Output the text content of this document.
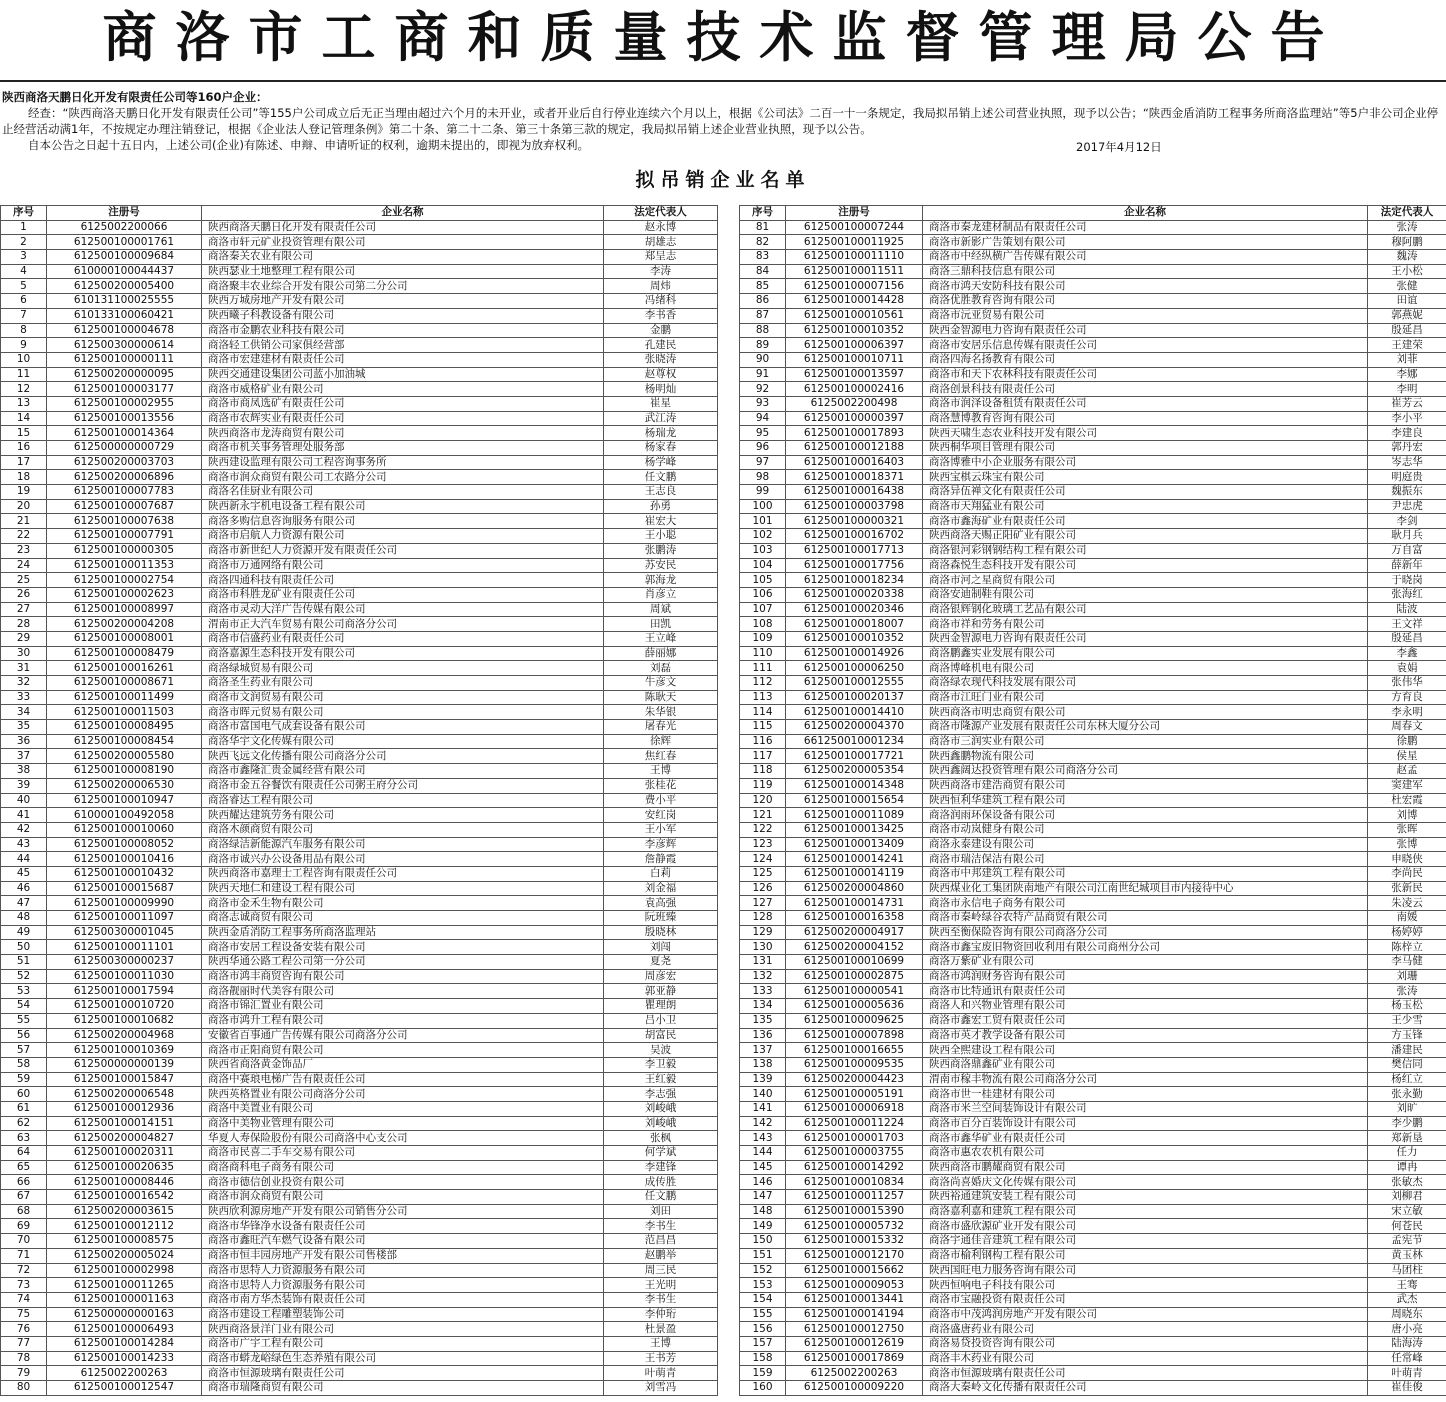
商洛市工商和质量技术监督管理局公告
陕西商洛天鹏日化开发有限责任公司等160户企业：
经查：“陕西商洛天鹏日化开发有限责任公司”等155户公司成立后无正当理由超过六个月的未开业，或者开业后自行停业连续六个月以上，根据《公司法》二百一十一条规定，我局拟吊销上述公司营业执照，现予以公告；“陕西金盾消防工程事务所商洛监理站”等5户非公司企业停止经营活动满1年，不按规定办理注销登记，根据《企业法人登记管理条例》第二十条、第二十二条、第三十条第三款的规定，我局拟吊销上述企业营业执照，现予以公告。
自本公告之日起十五日内，上述公司(企业)有陈述、申辩、申请听证的权利，逾期未提出的，即视为放弃权利。	2017年4月12日
拟吊销企业名单
序号	注册号	企业名称	法定代表人
1	6125002200066	陕西商洛天鹏日化开发有限责任公司	赵永博
2	612500100001761	商洛市轩元矿业投资管理有限公司	胡雄志
3	612500100009684	商洛秦关农业有限公司	郑呈志
4	610000100044437	陕西瑟业土地整理工程有限公司	李涛
5	612500200005400	商洛聚丰农业综合开发有限公司第二分公司	周炜
6	610131100025555	陕西万城房地产开发有限公司	冯绪科
7	610133100060421	陕西曦子科教设备有限公司	李书香
8	612500100004678	商洛市金鹏农业科技有限公司	金鹏
9	612500300000614	商洛轻工供销公司家俱经营部	孔建民
10	612500100000111	商洛市宏建建材有限责任公司	张晓涛
11	612500200000095	陕西交通建设集团公司蓝小加油城	赵尊权
12	612500100003177	商洛市威格矿业有限公司	杨明灿
13	612500100002955	商洛市商凤选矿有限责任公司	崔星
14	612500100013556	商洛市农辉实业有限责任公司	武江涛
15	612500100014364	陕西商洛市龙涛商贸有限公司	杨瑞龙
16	612500000000729	商洛市机关事务管理处服务部	杨家春
17	612500200003703	陕西建设监理有限公司工程咨询事务所	杨学峰
18	612500200006896	商洛市润众商贸有限公司工农路分公司	任文鹏
19	612500100007783	商洛名佳厨业有限公司	王志良
20	612500100007687	陕西新永宇机电设备工程有限公司	孙勇
21	612500100007638	商洛多购信息咨询服务有限公司	崔宏大
22	612500100007791	商洛市启航人力资源有限公司	王小聪
23	612500100000305	商洛市新世纪人力资源开发有限责任公司	张鹏涛
24	612500100011353	商洛市万通网络有限公司	苏安民
25	612500100002754	商洛四通科技有限责任公司	郭海龙
26	612500100002623	商洛市科胜龙矿业有限责任公司	肖彦立
27	612500100008997	商洛市灵动大洋广告传媒有限公司	周斌
28	612500200004208	渭南市正大汽车贸易有限公司商洛分公司	田凯
29	612500100008001	商洛市信盛药业有限责任公司	王立峰
30	612500100008479	商洛嘉源生态科技开发有限公司	薛丽娜
31	612500100016261	商洛绿城贸易有限公司	刘磊
32	612500100008671	商洛圣生药业有限公司	牛彦文
33	612500100011499	商洛市文润贸易有限公司	陈耿天
34	612500100011503	商洛市晖元贸易有限公司	朱华银
35	612500100008495	商洛市富国电气成套设备有限公司	屠春光
36	612500100008454	商洛华宇文化传媒有限公司	徐辉
37	612500200005580	陕西飞远文化传播有限公司商洛分公司	焦红春
38	612500100008190	商洛市鑫隆汇贵金属经营有限公司	王博
39	612500200006530	商洛市金五谷餐饮有限责任公司粥王府分公司	张桂花
40	612500100010947	商洛睿达工程有限公司	费小平
41	610000100492058	陕西耀达建筑劳务有限公司	安红岗
42	612500100010060	商洛木颜商贸有限公司	王小军
43	612500100008052	商洛绿洁新能源汽车服务有限公司	李彦辉
44	612500100010416	商洛市诚兴办公设备用品有限公司	詹静霞
45	612500100010432	陕西商洛市嘉理士工程咨询有限责任公司	白莉
46	612500100015687	陕西天地仁和建设工程有限公司	刘金福
47	612500100009990	商洛市金禾生物有限公司	袁高强
48	612500100011097	商洛志诚商贸有限公司	阮班臻
49	612500300001045	陕西金盾消防工程事务所商洛监理站	殷晓林
50	612500100011101	商洛市安居工程设备安装有限公司	刘闯
51	612500300000237	陕西华通公路工程公司第一分公司	夏尧
52	612500100011030	商洛市鸿丰商贸咨询有限公司	周彦宏
53	612500100017594	商洛靓丽时代美容有限公司	郭亚静
54	612500100010720	商洛市锦汇置业有限公司	瞿理朗
55	612500100010682	商洛市鸿升工程有限公司	吕小卫
56	612500200004968	安徽省百事通广告传媒有限公司商洛分公司	胡富民
57	612500100010369	商洛市正阳商贸有限公司	吴波
58	612500000000139	陕西省商洛黄金饰品厂	李卫毅
59	612500100015847	商洛中赛琅电梯广告有限责任公司	王红毅
60	612500200006548	陕西英格置业有限公司商洛分公司	李志强
61	612500100012936	商洛中美置业有限公司	刘峻峨
62	612500100014151	商洛中美物业管理有限公司	刘峻峨
63	612500200004827	华夏人寿保险股份有限公司商洛中心支公司	张枫
64	612500100020311	商洛市民喜二手车交易有限公司	何学斌
65	612500100020635	商洛商科电子商务有限公司	李建锋
66	612500100008446	商洛市德信创业投资有限公司	成传胜
67	612500100016542	商洛市润众商贸有限公司	任文鹏
68	612500200003615	陕西欣利源房地产开发有限公司销售分公司	刘田
69	612500100012112	商洛市华锋净水设备有限责任公司	李书生
70	612500100008575	商洛市鑫旺汽车燃气设备有限公司	范昌昌
71	612500200005024	商洛市恒丰园房地产开发有限公司售楼部	赵鹏举
72	612500100002998	商洛市思特人力资源服务有限公司	周三民
73	612500100011265	商洛市思特人力资源服务有限公司	王光明
74	612500100001163	商洛市南方华杰装饰有限责任公司	李书生
75	612500000000163	商洛市建设工程雕塑装饰公司	李仲珩
76	612500100006493	陕西商洛景洋门业有限公司	杜景盈
77	612500100014284	商洛市广宇工程有限公司	王博
78	612500100014233	商洛市蟒龙峪绿色生态养殖有限公司	王书芳
79	6125002200263	商洛市恒源玻璃有限责任公司	叶萌青
80	612500100012547	商洛市瑞隆商贸有限公司	刘雪冯
序号	注册号	企业名称	法定代表人
81	612500100007244	商洛市秦龙建材制品有限责任公司	张涛
82	612500100011925	商洛市新影广告策划有限公司	穆阿鹏
83	612500100011110	商洛市中经纵横广告传媒有限公司	魏涛
84	612500100011511	商洛三鼎科技信息有限公司	王小松
85	612500100007156	商洛市鸿天安防科技有限公司	张健
86	612500100014428	商洛优胜教育咨询有限公司	田谊
87	612500100010561	商洛市沅亚贸易有限公司	郭燕妮
88	612500100010352	陕西金智源电力咨询有限责任公司	殷延昌
89	612500100006397	商洛市安居乐信息传媒有限责任公司	王建荣
90	612500100010711	商洛四海名扬教育有限公司	刘菲
91	612500100013597	商洛市和天下农林科技有限责任公司	李娜
92	612500100002416	商洛创景科技有限责任公司	李明
93	6125002200498	商洛市润泽设备租赁有限责任公司	崔芳云
94	612500100000397	商洛慧博教育咨询有限公司	李小平
95	612500100017893	陕西天啸生态农业科技开发有限公司	李建良
96	612500100012188	陕西桐华项目管理有限公司	郭丹宏
97	612500100016403	商洛博雅中小企业服务有限公司	岑志华
98	612500100018371	陕西宝棋云珠宝有限公司	明庭贵
99	612500100016438	商洛异伍禅文化有限责任公司	魏振东
100	612500100003798	商洛市天翔猛业有限公司	尹忠虎
101	612500100000321	商洛市鑫海矿业有限责任公司	李剑
102	612500100016702	陕西商洛天赐正阳矿业有限公司	耿月兵
103	612500100017713	商洛银河彩钢钢结构工程有限公司	万自富
104	612500100017756	商洛森悦生态科技开发有限公司	薛新年
105	612500100018234	商洛市河之星商贸有限公司	于晓岗
106	612500100020338	商洛安迪制鞋有限公司	张海红
107	612500100020346	商洛银辉钢化玻璃工艺品有限公司	陆波
108	612500100018007	商洛市祥和劳务有限公司	王文祥
109	612500100010352	陕西金智源电力咨询有限责任公司	殷延昌
110	612500100014926	商洛鹏鑫实业发展有限公司	李鑫
111	612500100006250	商洛博峰机电有限公司	袁娟
112	612500100012555	商洛绿农现代科技发展有限公司	张伟华
113	612500100020137	商洛市江旺门业有限公司	方育良
114	612500100014410	陕西商洛市明忠商贸有限公司	李永明
115	612500200004370	商洛市隆源产业发展有限责任公司东林大厦分公司	周春文
116	661250010001234	商洛市三润实业有限公司	徐鹏
117	612500100017721	陕西鑫鹏物流有限公司	侯星
118	612500200005354	陕西鑫阔达投资管理有限公司商洛分公司	赵孟
119	612500100014348	陕西商洛市建浩商贸有限公司	窦建军
120	612500100015654	陕西恒利华建筑工程有限公司	杜宏霞
121	612500100011089	商洛润雨环保设备有限公司	刘博
122	612500100013425	商洛市动岚健身有限公司	张晖
123	612500100013409	商洛永泰建设有限公司	张博
124	612500100014241	商洛市瑞洁保洁有限公司	申晓侠
125	612500100014119	商洛市中邦建筑工程有限公司	李尚民
126	612500200004860	陕西煤业化工集团陕南地产有限公司江南世纪城项目市内接待中心	张新民
127	612500100014731	商洛市永信电子商务有限公司	朱凌云
128	612500100016358	商洛市秦岭绿谷农特产品商贸有限公司	南媛
129	612500200004917	陕西至衡保险咨询有限公司商洛分公司	杨婷婷
130	612500200004152	商洛市鑫宝废旧物资回收利用有限公司商州分公司	陈梓立
131	612500100010699	商洛万紫矿业有限公司	李马健
132	612500100002875	商洛市鸿润财务咨询有限公司	刘珊
133	612500100000541	商洛市比特通讯有限责任公司	张涛
134	612500100005636	商洛人和兴物业管理有限公司	杨玉松
135	612500100009625	商洛市鑫宏工贸有限责任公司	王少雪
136	612500100007898	商洛市英才教学设备有限公司	方玉锋
137	612500100016655	陕西全熙建设工程有限公司	潘建民
138	612500100009535	陕西商洛鼎鑫矿业有限公司	樊信同
139	612500200004423	渭南市稼丰物流有限公司商洛分公司	杨红立
140	612500100005191	商洛市世一桂建材有限公司	张永勤
141	612500100006918	商洛市米兰空间装饰设计有限公司	刘旷
142	612500100011224	商洛市百分百装饰设计有限公司	李少鹏
143	612500100001703	商洛市鑫华矿业有限责任公司	郑新垦
144	612500100003755	商洛市惠农农机有限公司	任力
145	612500100014292	陕西商洛市鹏耀商贸有限公司	谭冉
146	612500100010834	商洛尚喜婚庆文化传媒有限公司	张敏杰
147	612500100011257	陕西裕通建筑安装工程有限公司	刘柳君
148	612500100015390	商洛嘉利嘉和建筑工程有限公司	宋立敏
149	612500100005732	商洛市盛欣源矿业开发有限公司	何苍民
150	612500100015332	商洛宇通佳音建筑工程有限公司	孟宪节
151	612500100012170	商洛市榆利钢构工程有限公司	黄玉林
152	612500100015662	陕西国旺电力服务咨询有限公司	马团柱
153	612500100009053	陕西恒响电子科技有限公司	王骞
154	612500100013441	商洛市宝融投资有限责任公司	武杰
155	612500100014194	商洛市中茂鸿润房地产开发有限公司	周晓东
156	612500100012750	商洛盛唐药业有限公司	唐小亮
157	612500100012619	商洛易贷投资咨询有限公司	陆海涛
158	612500100017869	商洛丰木药业有限公司	任常峰
159	6125002200263	商洛市恒源玻璃有限责任公司	叶萌青
160	612500100009220	商洛大秦岭文化传播有限责任公司	崔佳俊
